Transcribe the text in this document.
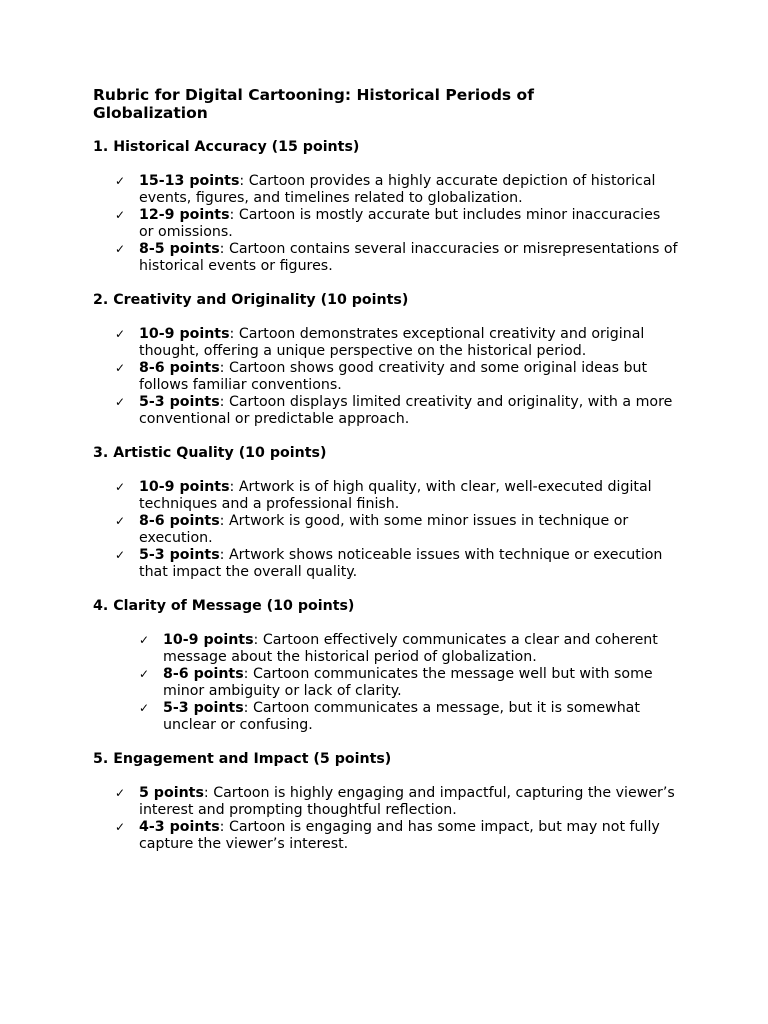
Rubric for Digital Cartooning: Historical Periods of Globalization

1. Historical Accuracy (15 points)

✓ 15-13 points: Cartoon provides a highly accurate depiction of historical events, figures, and timelines related to globalization.
✓ 12-9 points: Cartoon is mostly accurate but includes minor inaccuracies or omissions.
✓ 8-5 points: Cartoon contains several inaccuracies or misrepresentations of historical events or figures.

2. Creativity and Originality (10 points)

✓ 10-9 points: Cartoon demonstrates exceptional creativity and original thought, offering a unique perspective on the historical period.
✓ 8-6 points: Cartoon shows good creativity and some original ideas but follows familiar conventions.
✓ 5-3 points: Cartoon displays limited creativity and originality, with a more conventional or predictable approach.

3. Artistic Quality (10 points)

✓ 10-9 points: Artwork is of high quality, with clear, well-executed digital techniques and a professional finish.
✓ 8-6 points: Artwork is good, with some minor issues in technique or execution.
✓ 5-3 points: Artwork shows noticeable issues with technique or execution that impact the overall quality.

4. Clarity of Message (10 points)

✓ 10-9 points: Cartoon effectively communicates a clear and coherent message about the historical period of globalization.
✓ 8-6 points: Cartoon communicates the message well but with some minor ambiguity or lack of clarity.
✓ 5-3 points: Cartoon communicates a message, but it is somewhat unclear or confusing.

5. Engagement and Impact (5 points)

✓ 5 points: Cartoon is highly engaging and impactful, capturing the viewer’s interest and prompting thoughtful reflection.
✓ 4-3 points: Cartoon is engaging and has some impact, but may not fully capture the viewer’s interest.
